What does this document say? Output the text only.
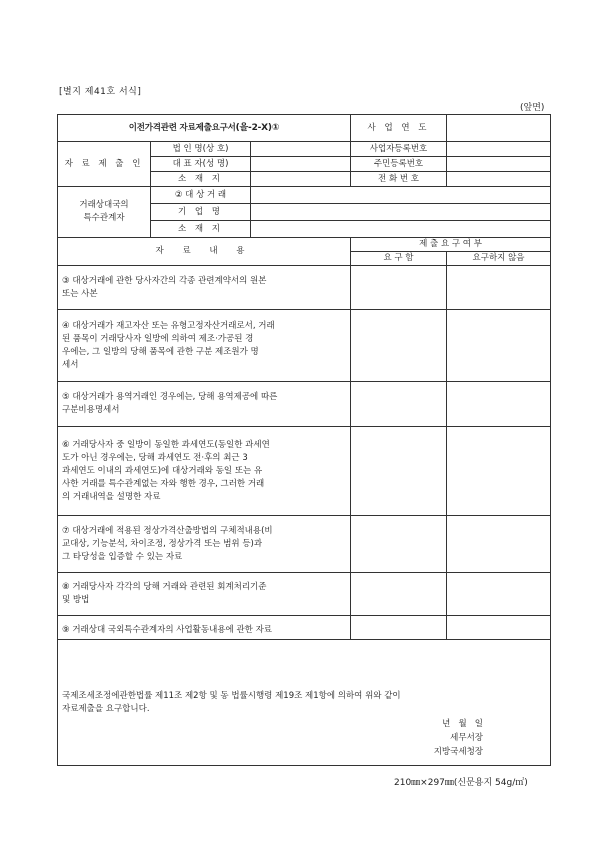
[별지 제41호 서식]
(앞면)
이전가격관련 자료제출요구서(을-2-X)①			사 업 연 도	
자 료 제 출 인	법 인 명(상 호)		사업자등록번호	
	대 표 자(성 명)		주민등록번호	
	소 재 지		전 화 번 호	
거래상대국의
특수관계자	② 대 상 거 래			
	기 업 명			
	소 재 지			
자 료 내 용			제 출 요 구 여 부	
			요 구 함	요구하지 않음
③ 대상거래에 관한 당사자간의 각종 관련계약서의 원본
또는 사본				
④ 대상거래가 재고자산 또는 유형고정자산거래로서, 거래
된 품목이 거래당사자 일방에 의하여 제조·가공된 경
우에는, 그 일방의 당해 품목에 관한 구분 제조원가 명
세서				
⑤ 대상거래가 용역거래인 경우에는, 당해 용역제공에 따른
구분비용명세서				
⑥ 거래당사자 중 일방이 동일한 과세연도(동일한 과세연
도가 아닌 경우에는, 당해 과세연도 전·후의 최근 3
과세연도 이내의 과세연도)에 대상거래와 동일 또는 유
사한 거래를 특수관계없는 자와 행한 경우, 그러한 거래
의 거래내역을 설명한 자료				
⑦ 대상거래에 적용된 정상가격산출방법의 구체적내용(비
교대상, 기능분석, 차이조정, 정상가격 또는 범위 등)과
그 타당성을 입증할 수 있는 자료				
⑧ 거래당사자 각각의 당해 거래와 관련된 회계처리기준
및 방법				
⑨ 거래상대 국외특수관계자의 사업활동내용에 관한 자료				
국제조세조정에관한법률 제11조 제2항 및 동 법률시행령 제19조 제1항에 의하여 위와 같이
자료제출을 요구합니다.				
년   월   일
세무서장
지방국세청장
210㎜×297㎜(신문용지 54g/㎡)
